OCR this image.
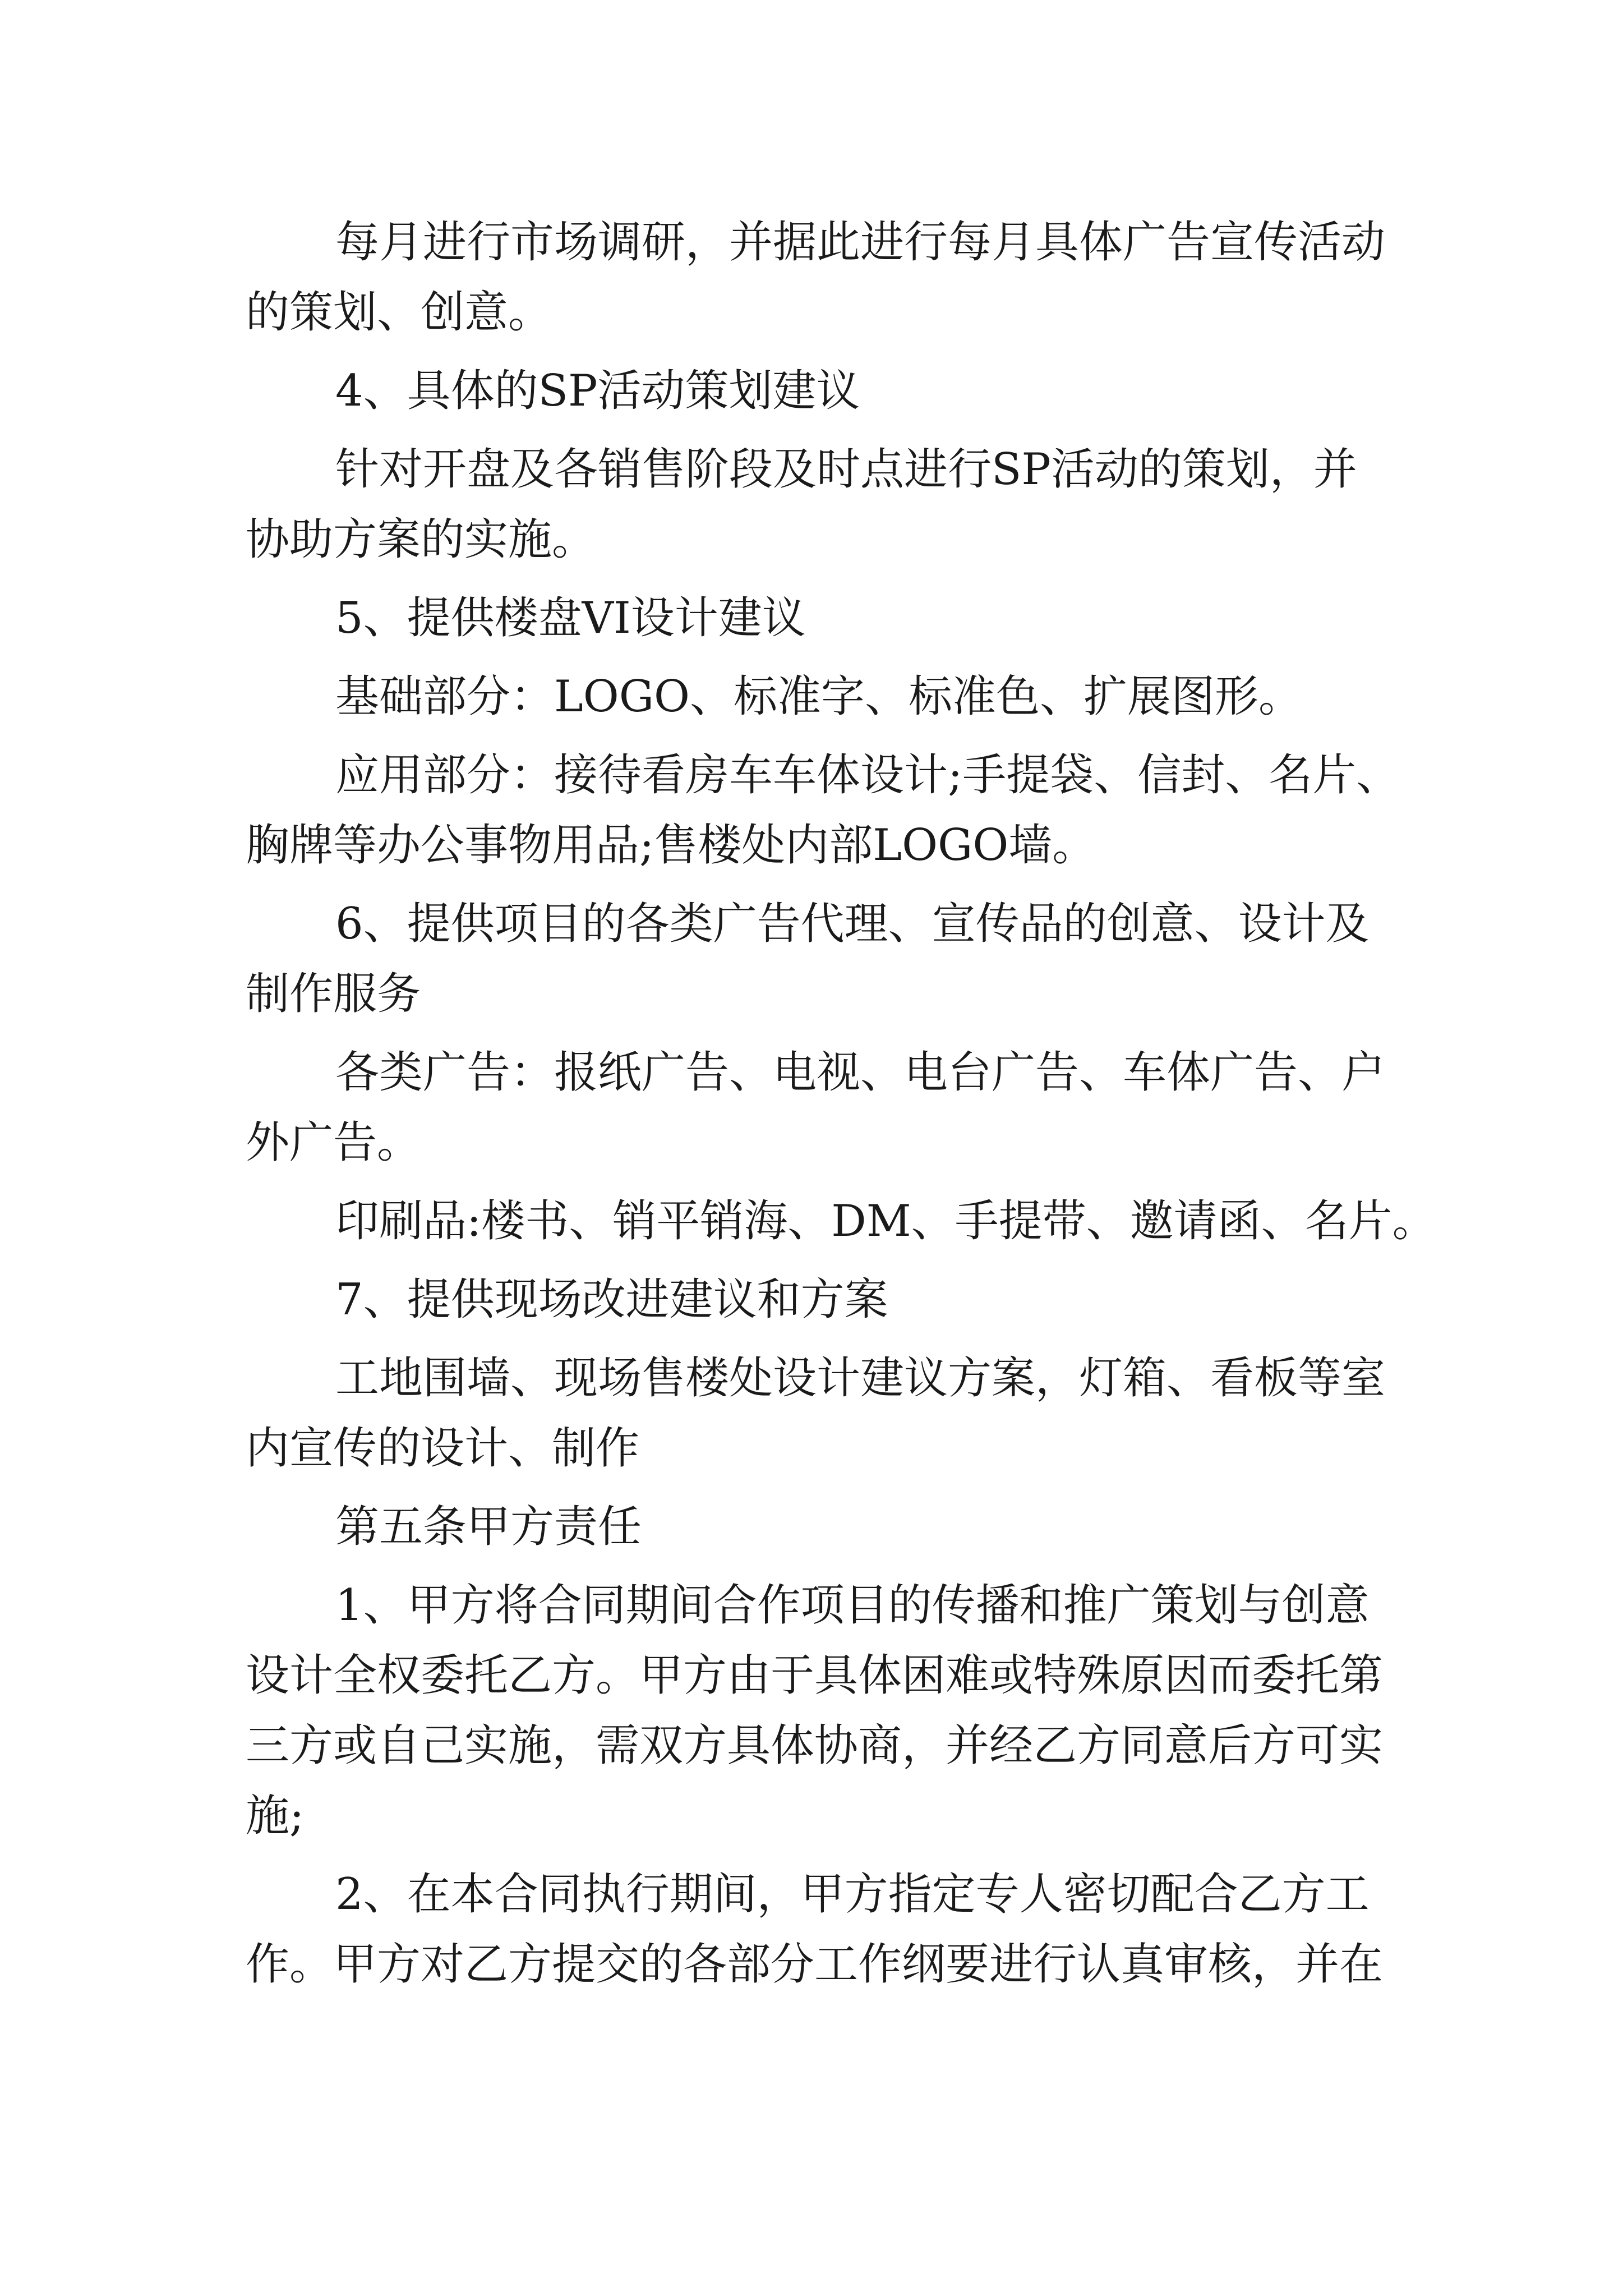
每月进行市场调研，并据此进行每月具体广告宣传活动

的策划、创意。

4、具体的SP活动策划建议

针对开盘及各销售阶段及时点进行SP活动的策划，并

协助方案的实施。

5、提供楼盘VI设计建议

基础部分：LOGO、标准字、标准色、扩展图形。

应用部分：接待看房车车体设计;手提袋、信封、名片、

胸牌等办公事物用品;售楼处内部LOGO墙。

6、提供项目的各类广告代理、宣传品的创意、设计及

制作服务

各类广告：报纸广告、电视、电台广告、车体广告、户

外广告。

印刷品:楼书、销平销海、DM、手提带、邀请函、名片。

7、提供现场改进建议和方案

工地围墙、现场售楼处设计建议方案，灯箱、看板等室

内宣传的设计、制作

第五条甲方责任

1、甲方将合同期间合作项目的传播和推广策划与创意

设计全权委托乙方。甲方由于具体困难或特殊原因而委托第

三方或自己实施，需双方具体协商，并经乙方同意后方可实

施;

2、在本合同执行期间，甲方指定专人密切配合乙方工

作。甲方对乙方提交的各部分工作纲要进行认真审核，并在
